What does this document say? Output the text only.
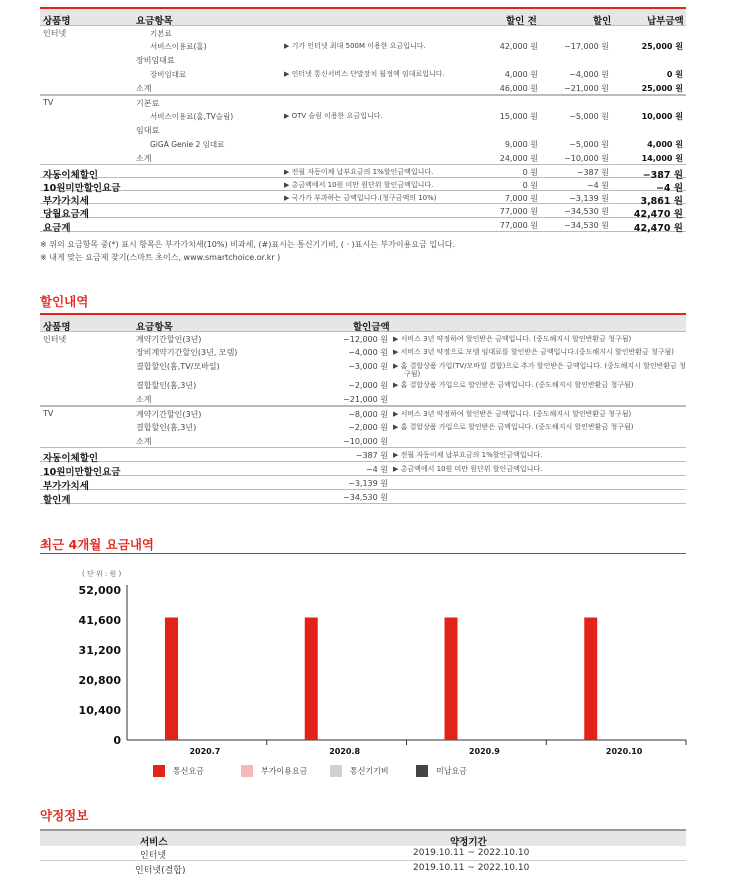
상품명	요금항목	할인 전	할인	납부금액
인터넷	기본료
서비스이용료(홈)	▶ 기가 인터넷 최대 500M 이용한 요금입니다.	42,000 원	−17,000 원	25,000 원
장비임대료
장비임대료	▶ 인터넷 통신서비스 단말장치 월정액 임대료입니다.	4,000 원	−4,000 원	0 원
소계	46,000 원	−21,000 원	25,000 원
TV	기본료
서비스이용료(홈,TV슬림)	▶ OTV 슬림 이용한 요금입니다.	15,000 원	−5,000 원	10,000 원
임대료
GiGA Genie 2 임대료	9,000 원	−5,000 원	4,000 원
소계	24,000 원	−10,000 원	14,000 원
자동이체할인	▶ 전월 자동이체 납부요금의 1%할인금액입니다.	0 원	−387 원	−387 원
10원미만할인요금	▶ 총금액에서 10원 미만 원단위 할인금액입니다.	0 원	−4 원	−4 원
부가가치세	▶ 국가가 부과하는 금액입니다.(청구금액의 10%)	7,000 원	−3,139 원	3,861 원
당월요금계	77,000 원	−34,530 원	42,470 원
요금계	77,000 원	−34,530 원	42,470 원
※ 위의 요금항목 중(*) 표시 항목은 부가가치세(10%) 비과세, (#)표시는 통신기기비, ( · )표시는 부가이용요금 입니다.
※ 내게 맞는 요금제 찾기(스마트 초이스, www.smartchoice.or.kr )
할인내역
상품명	요금항목	할인금액
인터넷	계약기간할인(3년)	−12,000 원 ▶ 서비스 3년 약정하여 할인받은 금액입니다. (중도해지시 할인반환금 청구됨)
장비계약기간할인(3년, 모뎀)	−4,000 원 ▶ 서비스 3년 약정으로 모뎀 임대료를 할인받은 금액입니다.(중도해지시 할인반환금 청구됨)
결합할인(홈,TV/모바일)	−3,000 원 ▶ 홈 결합상품 가입(TV/모바일 결합)으로 추가 할인받은 금액입니다. (중도해지시 할인반환금 청
구됨)
결합할인(홈,3년)	−2,000 원 ▶ 홈 결합상품 가입으로 할인받은 금액입니다. (중도해지시 할인반환금 청구됨)
소계	−21,000 원
TV	계약기간할인(3년)	−8,000 원 ▶ 서비스 3년 약정하여 할인받은 금액입니다. (중도해지시 할인반환금 청구됨)
결합할인(홈,3년)	−2,000 원 ▶ 홈 결합상품 가입으로 할인받은 금액입니다. (중도해지시 할인반환금 청구됨)
소계	−10,000 원
자동이체할인	−387 원 ▶ 전월 자동이체 납부요금의 1%할인금액입니다.
10원미만할인요금	−4 원 ▶ 총금액에서 10원 미만 원단위 할인금액입니다.
부가가치세	−3,139 원
할인계	−34,530 원
최근 4개월 요금내역
( 단 위 : 원 )
0
10,400
20,800
31,200
41,600
52,000
2020.7	2020.8	2020.9	2020.10
통신요금	부가이용요금	통신기기비	미납요금
약정정보
서비스	약정기간
인터넷	2019.10.11 ~ 2022.10.10
인터넷(결합)	2019.10.11 ~ 2022.10.10
